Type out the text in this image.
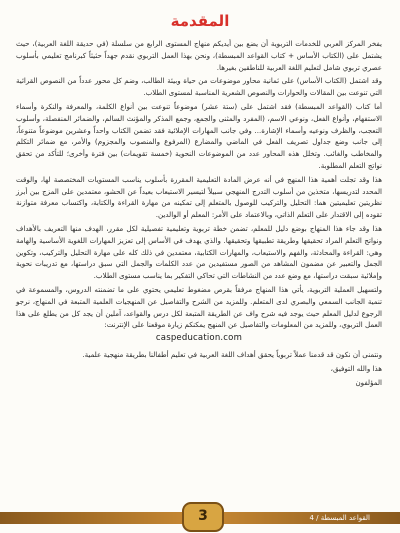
المقدمة

يفخر المركز العربي للخدمات التربوية أن يضع بين أيديكم منهاج المستوى الرابع من سلسلة (في حديقة اللغة العربية)، حيث يشتمل على (الكتاب الأساس + كتاب القواعد المبسطة)، ونحن بهذا العمل التربوي نقدم جهداً حثيثاً كبرنامج تعليمي بأسلوب عصري تربوي شامل لتعليم اللغة العربية للناطقين بغيرها.

وقد اشتمل (الكتاب الأساس) على ثمانية محاور موضوعات من حياة وبيئة الطالب، وضم كل محور عدداً من النصوص القرائية التي تنوعت بين المقالات والحوارات والنصوص الشعرية المناسبة لمستوى الطلاب.

أما كتاب (القواعد المبسطة) فقد اشتمل على (ستة عشر) موضوعاً تنوعت بين أنواع الكلمة، والمعرفة والنكرة وأسماء الاستفهام، وأنواع الفعل، ونوعي الاسم، (المفرد والمثنى والجمع، وجمع المذكر والمؤنث السالم، والضمائر المنفصلة، وأسلوب التعجب، والظرف ونوعيه وأسماء الإشارة... وفي جانب المهارات الإملائية فقد تضمن الكتاب واحداً وعشرين موضوعاً متنوعاً، إلى جانب وضع جداول تصريف الفعل في الماضي والمضارع (المرفوع والمنصوب والمجزوم) والأمر، مع ضمائر التكلم والمخاطب والغائب. وتخلل هذه المحاور عدد من الموضوعات النحوية (خمسة تقويمات) بين فترة وأخرى؛ للتأكد من تحقق نواتج التعلم المطلوبة.

هذا وقد تجلت أهمية هذا المنهج في أنه عرض المادة التعليمية المقررة بأسلوب يناسب المستويات المختصصة لها، والوقت المحدد لتدريسها، متخذين من أسلوب التدرج المنهجي سبيلاً لتيسير الاستيعاب بعيداً عن الحشو، معتمدين على المزج بين أبرز نظريتين تعليميتين هما: التحليل والتركيب للوصول بالمتعلم إلى تمكينه من مهارة القراءة والكتابة، واكتساب معرفة متوازنة تقوده إلى الاقتدار على التعلم الذاتي، وبالاعتماد على الأمر: المعلم أو الوالدين.

هذا وقد جاء هذا المنهاج بوضع دليل للمعلم، تضمن خطة تربوية وتعليمية تفصيلية لكل مقرر، الهدف منها التعريف بالأهداف ونواتج التعلم المراد تحقيقها وطريقة تطبيقها وتحقيقها. والذي يهدف في الأساس إلى تعزيز المهارات اللغوية الأساسية والهامة وهي: القراءة والمحادثة، والفهم والاستيعاب، والمهارات الكتابية، معتمدين في ذلك كله على مهارة التحليل والتركيب، وتكوين الجمل والتعبير عن مضمون المشاهد من الصور مستفيدين من عدد الكلمات والجمل التي سبق دراستها، مع تدريبات نحوية وإملائية سبقت دراستها، مع وضع عدد من النشاطات التي تحاكي التفكير بما يناسب مستوى الطلاب.

ولتسهيل العملية التربوية، يأتي هذا المنهاج مرفقاً بقرص مضغوط تعليمي يحتوي على ما تضمنته الدروس، والمسموعة في تنمية الجانب السمعي والبصري لدى المتعلم. وللمزيد من الشرح والتفاصيل عن المنهجيات العلمية المتبعة في المنهاج، نرجو الرجوع لدليل المعلم حيث يوجد فيه شرح واف عن الطريقة المتبعة لكل درس والقواعد، آملين أن يجد كل من يطلع على هذا العمل التربوي، وللمزيد من المعلومات والتفاصيل عن المنهج يمكنكم زيارة موقعنا على الإنترنت:

caspeducation.com

ونتمنى أن نكون قد قدمنا عملاً تربوياً يحقق أهداف اللغة العربية في تعليم أطفالنا بطريقة منهجية علمية.

هذا والله التوفيق،
المؤلفون
القواعد المبسطة / 4
3
